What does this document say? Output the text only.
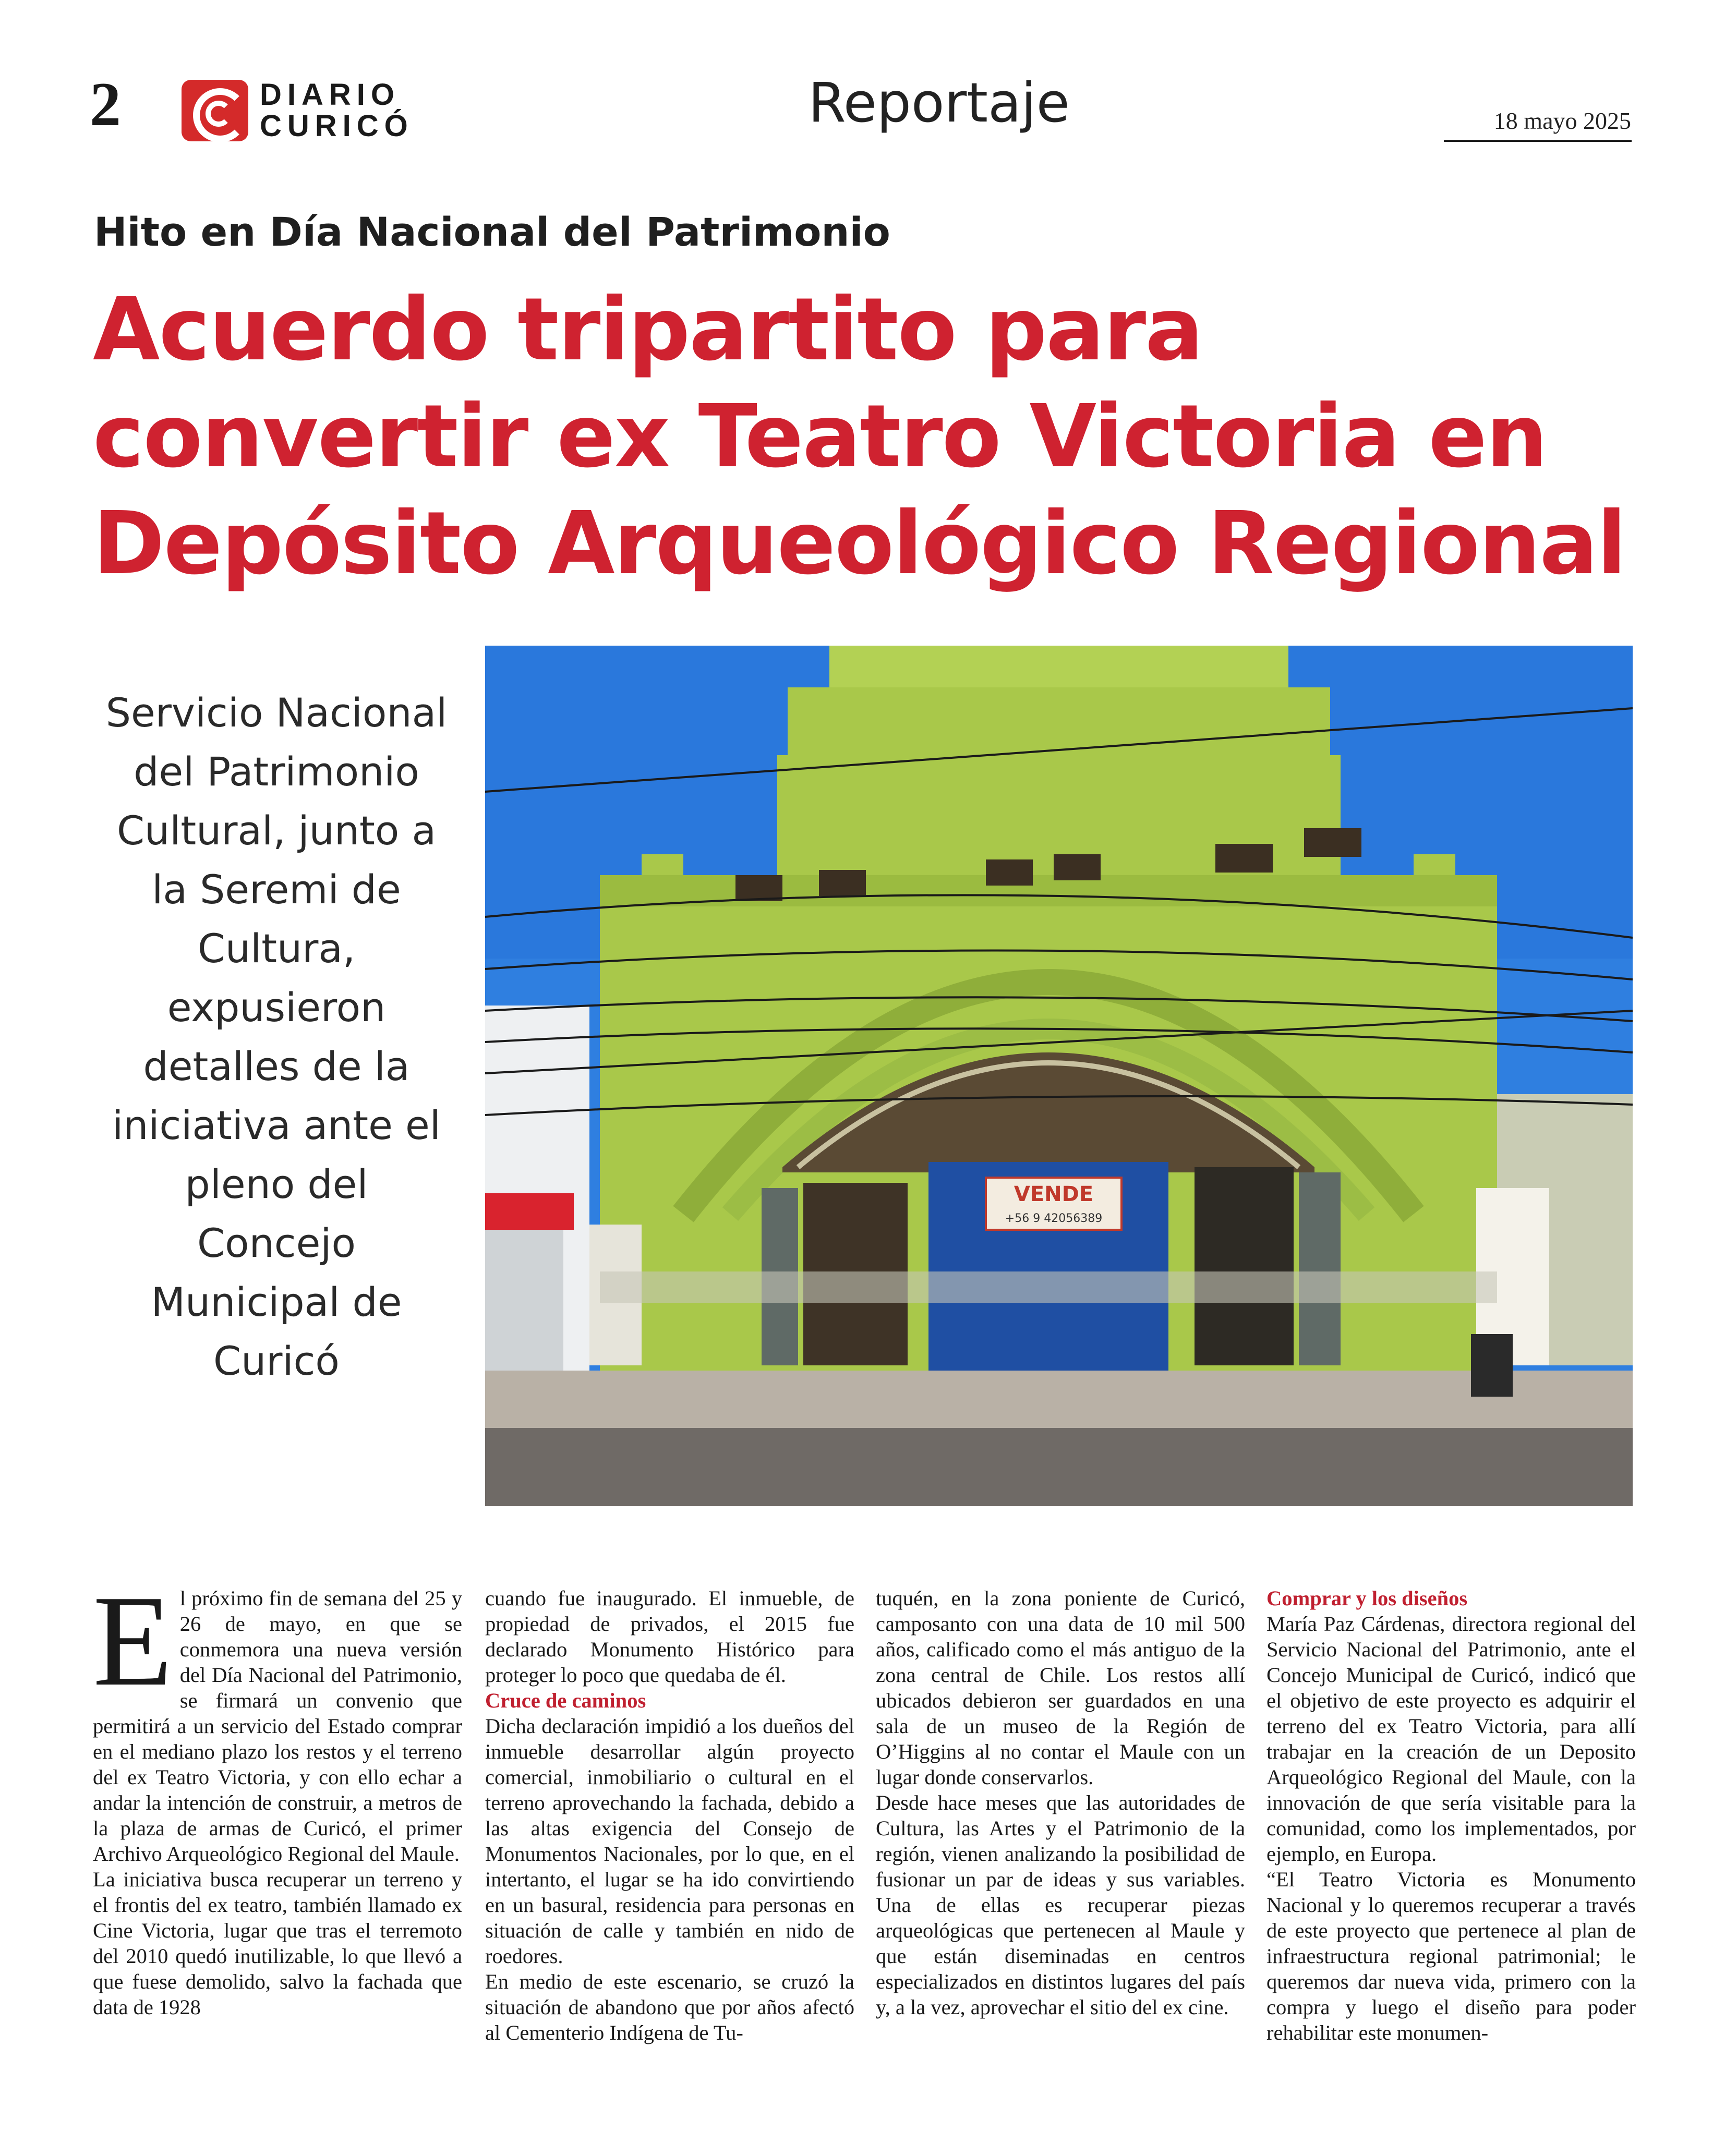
2	DIARIO
CURICÓ	Reportaje	18 mayo 2025
Hito en Día Nacional del Patrimonio
Acuerdo tripartito para convertir ex Teatro Victoria en Depósito Arqueológico Regional
Servicio Nacional del Patrimonio Cultural, junto a la Seremi de Cultura, expusieron detalles de la iniciativa ante el pleno del Concejo Municipal de Curicó
VENDE
+56 9 42056389

El próximo fin de semana del 25 y 26 de mayo, en que se conmemora una nueva versión del Día Nacional del Patrimonio, se firmará un convenio que permitirá a un servicio del Estado comprar en el mediano plazo los restos y el terreno del ex Teatro Victoria, y con ello echar a andar la intención de construir, a metros de la plaza de armas de Curicó, el primer Archivo Arqueológico Regional del Maule.

La iniciativa busca recuperar un terreno y el frontis del ex teatro, también llamado ex Cine Victoria, lugar que tras el terremoto del 2010 quedó inutilizable, lo que llevó a que fuese demolido, salvo la fachada que data de 1928

cuando fue inaugurado. El inmueble, de propiedad de privados, el 2015 fue declarado Monumento Histórico para proteger lo poco que quedaba de él.

Cruce de caminos

Dicha declaración impidió a los dueños del inmueble desarrollar algún proyecto comercial, inmobiliario o cultural en el terreno aprovechando la fachada, debido a las altas exigencia del Consejo de Monumentos Nacionales, por lo que, en el intertanto, el lugar se ha ido convirtiendo en un basural, residencia para personas en situación de calle y también en nido de roedores.

En medio de este escenario, se cruzó la situación de abandono que por años afectó al Cementerio Indígena de Tu-

tuquén, en la zona poniente de Curicó, camposanto con una data de 10 mil 500 años, calificado como el más antiguo de la zona central de Chile. Los restos allí ubicados debieron ser guardados en una sala de un museo de la Región de O’Higgins al no contar el Maule con un lugar donde conservarlos.

Desde hace meses que las autoridades de Cultura, las Artes y el Patrimonio de la región, vienen analizando la posibilidad de fusionar un par de ideas y sus variables. Una de ellas es recuperar piezas arqueológicas que pertenecen al Maule y que están diseminadas en centros especializados en distintos lugares del país y, a la vez, aprovechar el sitio del ex cine.

Comprar y los diseños

María Paz Cárdenas, directora regional del Servicio Nacional del Patrimonio, ante el Concejo Municipal de Curicó, indicó que el objetivo de este proyecto es adquirir el terreno del ex Teatro Victoria, para allí trabajar en la creación de un Deposito Arqueológico Regional del Maule, con la innovación de que sería visitable para la comunidad, como los implementados, por ejemplo, en Europa.

“El Teatro Victoria es Monumento Nacional y lo queremos recuperar a través de este proyecto que pertenece al plan de infraestructura regional patrimonial; le queremos dar nueva vida, primero con la compra y luego el diseño para poder rehabilitar este monumen-
